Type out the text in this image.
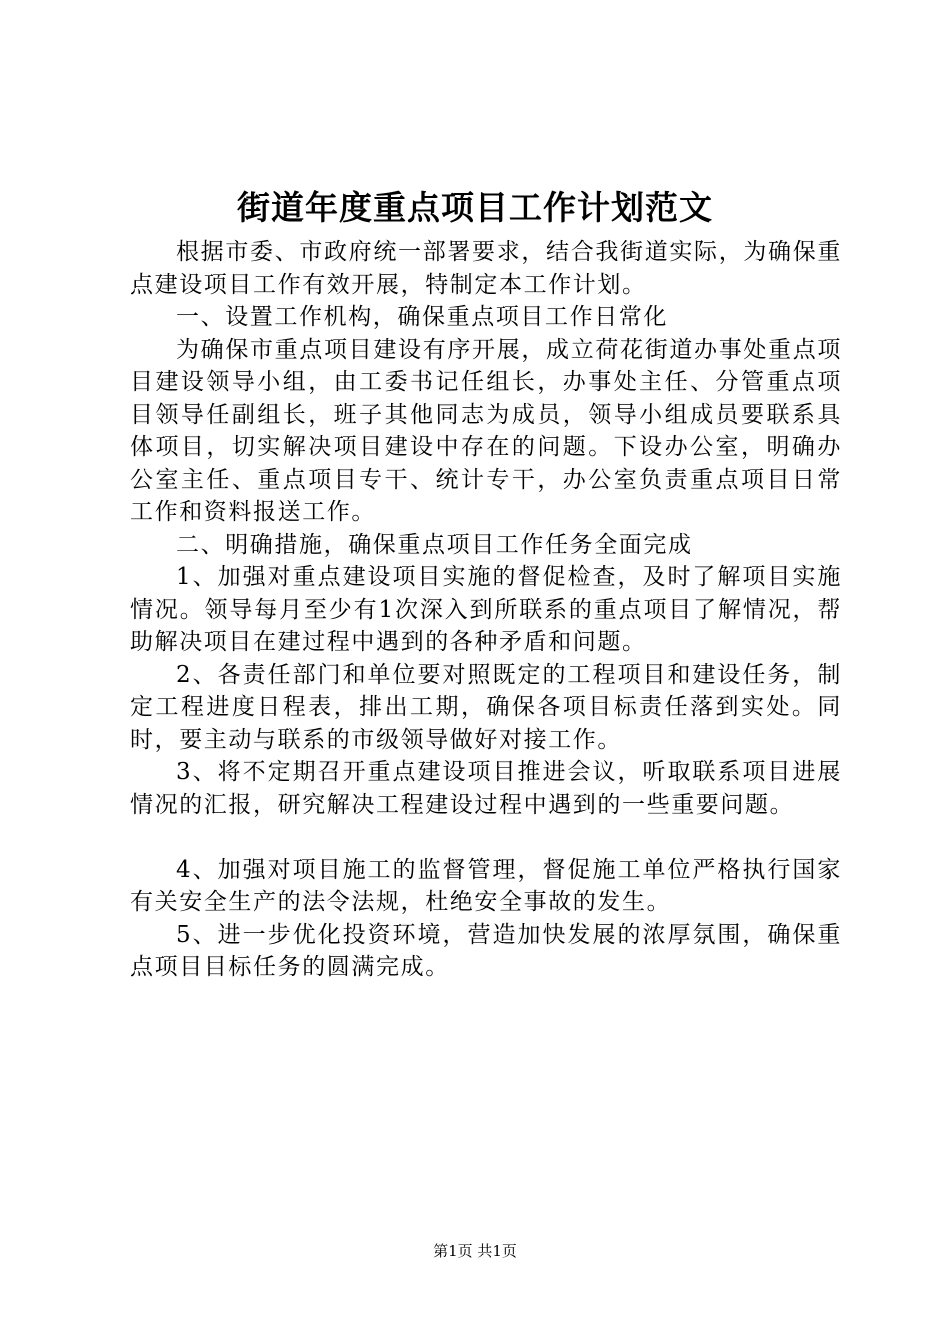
街道年度重点项目工作计划范文

根据市委、市政府统一部署要求，结合我街道实际，为确保重点建设项目工作有效开展，特制定本工作计划。

一、设置工作机构，确保重点项目工作日常化

为确保市重点项目建设有序开展，成立荷花街道办事处重点项目建设领导小组，由工委书记任组长，办事处主任、分管重点项目领导任副组长，班子其他同志为成员，领导小组成员要联系具体项目，切实解决项目建设中存在的问题。下设办公室，明确办公室主任、重点项目专干、统计专干，办公室负责重点项目日常工作和资料报送工作。

二、明确措施，确保重点项目工作任务全面完成

1、加强对重点建设项目实施的督促检查，及时了解项目实施情况。领导每月至少有1次深入到所联系的重点项目了解情况，帮助解决项目在建过程中遇到的各种矛盾和问题。

2、各责任部门和单位要对照既定的工程项目和建设任务，制定工程进度日程表，排出工期，确保各项目标责任落到实处。同时，要主动与联系的市级领导做好对接工作。

3、将不定期召开重点建设项目推进会议，听取联系项目进展情况的汇报，研究解决工程建设过程中遇到的一些重要问题。

4、加强对项目施工的监督管理，督促施工单位严格执行国家有关安全生产的法令法规，杜绝安全事故的发生。

5、进一步优化投资环境，营造加快发展的浓厚氛围，确保重点项目目标任务的圆满完成。

第1页 共1页
